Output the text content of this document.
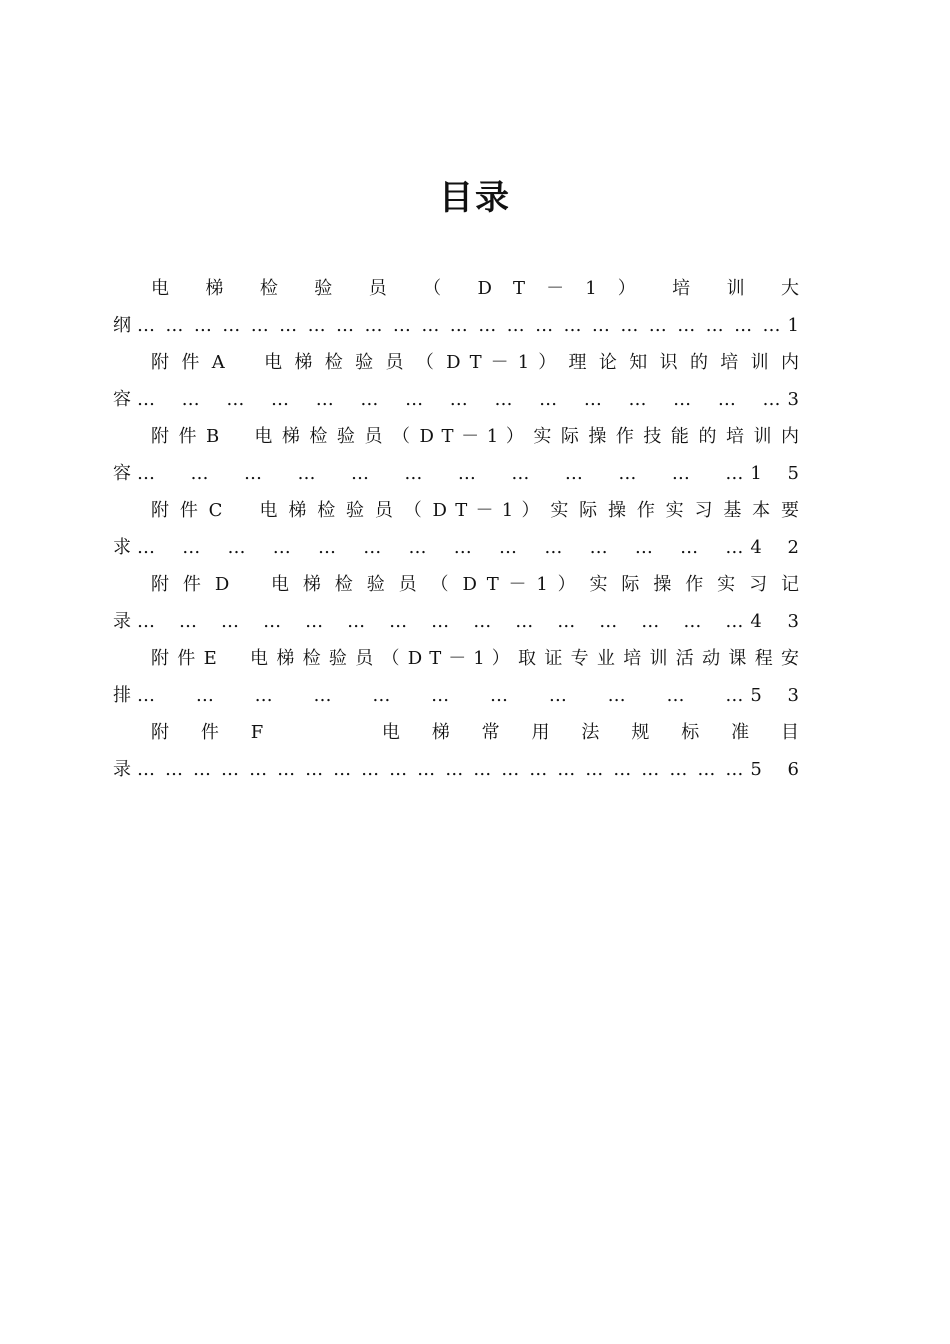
目录
电 梯 检 验 员 （ D T － 1 ） 培 训 大
纲 … … … … … … … … … … … … … … … … … … … … … … … 1
附 件 A 　 电 梯 检 验 员 （ D T － 1 ） 理 论 知 识 的 培 训 内
容 … … … … … … … … … … … … … … … 3
附 件 B 　 电 梯 检 验 员 （ D T － 1 ） 实 际 操 作 技 能 的 培 训 内
容 … … … … … … … … … … … … 1 5
附 件 C 　 电 梯 检 验 员 （ D T － 1 ） 实 际 操 作 实 习 基 本 要
求 … … … … … … … … … … … … … … 4 2
附 件 D 　 电 梯 检 验 员 （ D T － 1 ） 实 际 操 作 实 习 记
录 … … … … … … … … … … … … … … … 4 3
附 件 E 　 电 梯 检 验 员 （ D T － 1 ） 取 证 专 业 培 训 活 动 课 程 安
排 … … … … … … … … … … … 5 3
附 件 F 　 　 电 梯 常 用 法 规 标 准 目
录 … … … … … … … … … … … … … … … … … … … … … … 5 6
